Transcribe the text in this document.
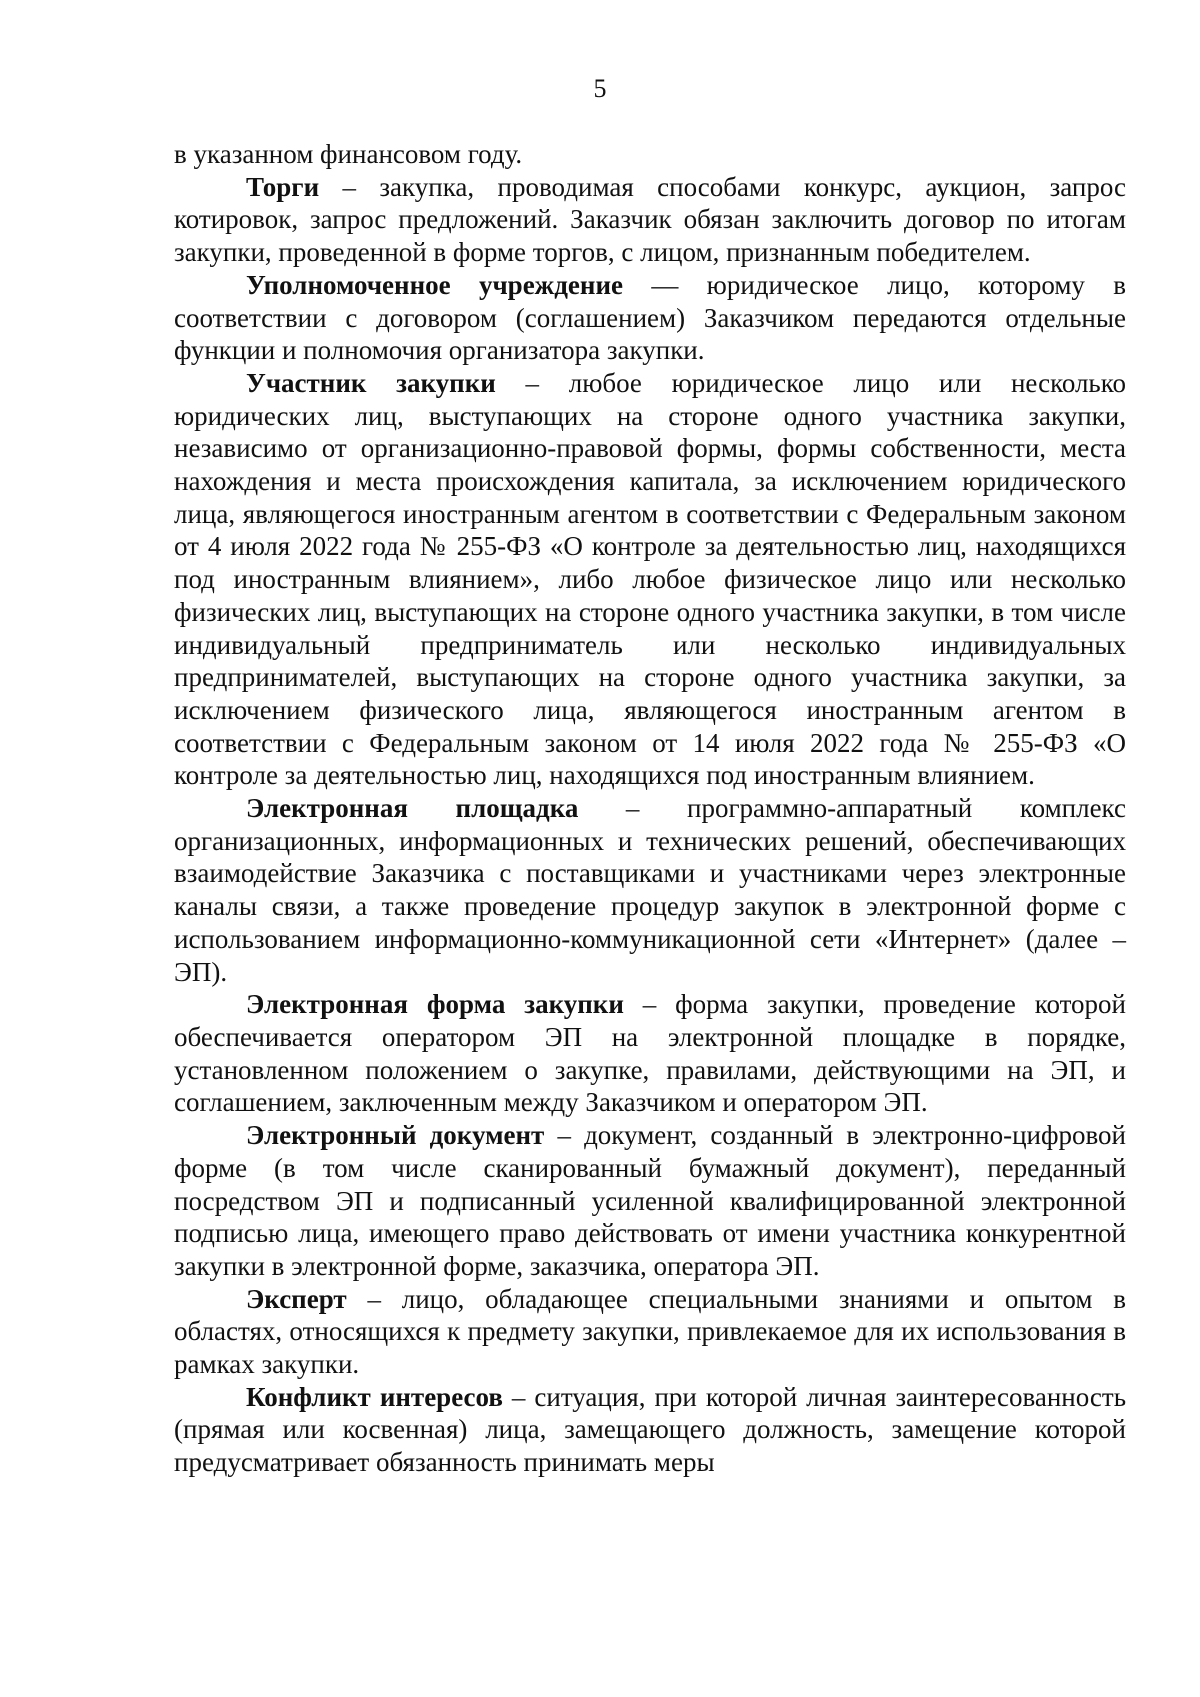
5

в указанном финансовом году.

Торги – закупка, проводимая способами конкурс, аукцион, запрос котировок, запрос предложений. Заказчик обязан заключить договор по итогам закупки, проведенной в форме торгов, с лицом, признанным победителем.

Уполномоченное учреждение — юридическое лицо, которому в соответствии с договором (соглашением) Заказчиком передаются отдельные функции и полномочия организатора закупки.

Участник закупки – любое юридическое лицо или несколько юридических лиц, выступающих на стороне одного участника закупки, независимо от организационно-правовой формы, формы собственности, места нахождения и места происхождения капитала, за исключением юридического лица, являющегося иностранным агентом в соответствии с Федеральным законом от 4 июля 2022 года № 255-ФЗ «О контроле за деятельностью лиц, находящихся под иностранным влиянием», либо любое физическое лицо или несколько физических лиц, выступающих на стороне одного участника закупки, в том числе индивидуальный предприниматель или несколько индивидуальных предпринимателей, выступающих на стороне одного участника закупки, за исключением физического лица, являющегося иностранным агентом в соответствии с Федеральным законом от 14 июля 2022 года № 255-ФЗ «О контроле за деятельностью лиц, находящихся под иностранным влиянием.

Электронная площадка – программно-аппаратный комплекс организационных, информационных и технических решений, обеспечивающих взаимодействие Заказчика с поставщиками и участниками через электронные каналы связи, а также проведение процедур закупок в электронной форме с использованием информационно-коммуникационной сети «Интернет» (далее – ЭП).

Электронная форма закупки – форма закупки, проведение которой обеспечивается оператором ЭП на электронной площадке в порядке, установленном положением о закупке, правилами, действующими на ЭП, и соглашением, заключенным между Заказчиком и оператором ЭП.

Электронный документ – документ, созданный в электронно-цифровой форме (в том числе сканированный бумажный документ), переданный посредством ЭП и подписанный усиленной квалифицированной электронной подписью лица, имеющего право действовать от имени участника конкурентной закупки в электронной форме, заказчика, оператора ЭП.

Эксперт – лицо, обладающее специальными знаниями и опытом в областях, относящихся к предмету закупки, привлекаемое для их использования в рамках закупки.

Конфликт интересов – ситуация, при которой личная заинтересованность (прямая или косвенная) лица, замещающего должность, замещение которой предусматривает обязанность принимать меры
